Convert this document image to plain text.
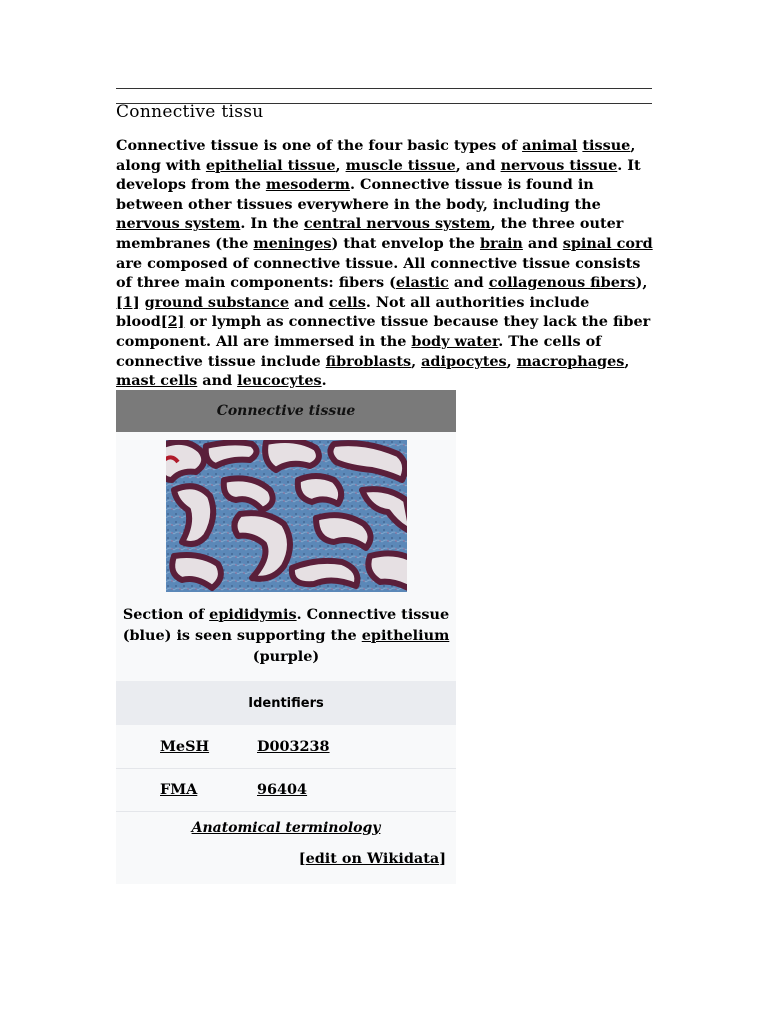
Connective tissu

Connective tissue is one of the four basic types of animal tissue, along with epithelial tissue, muscle tissue, and nervous tissue. It develops from the mesoderm. Connective tissue is found in between other tissues everywhere in the body, including the nervous system. In the central nervous system, the three outer membranes (the meninges) that envelop the brain and spinal cord are composed of connective tissue. All connective tissue consists of three main components: fibers (elastic and collagenous fibers),[1] ground substance and cells. Not all authorities include blood[2] or lymph as connective tissue because they lack the fiber component. All are immersed in the body water. The cells of connective tissue include fibroblasts, adipocytes, macrophages, mast cells and leucocytes.

Connective tissue
Section of epididymis. Connective tissue (blue) is seen supporting the epithelium (purple)
Identifiers
MeSH	D003238
FMA	96404
Anatomical terminology
[edit on Wikidata]
